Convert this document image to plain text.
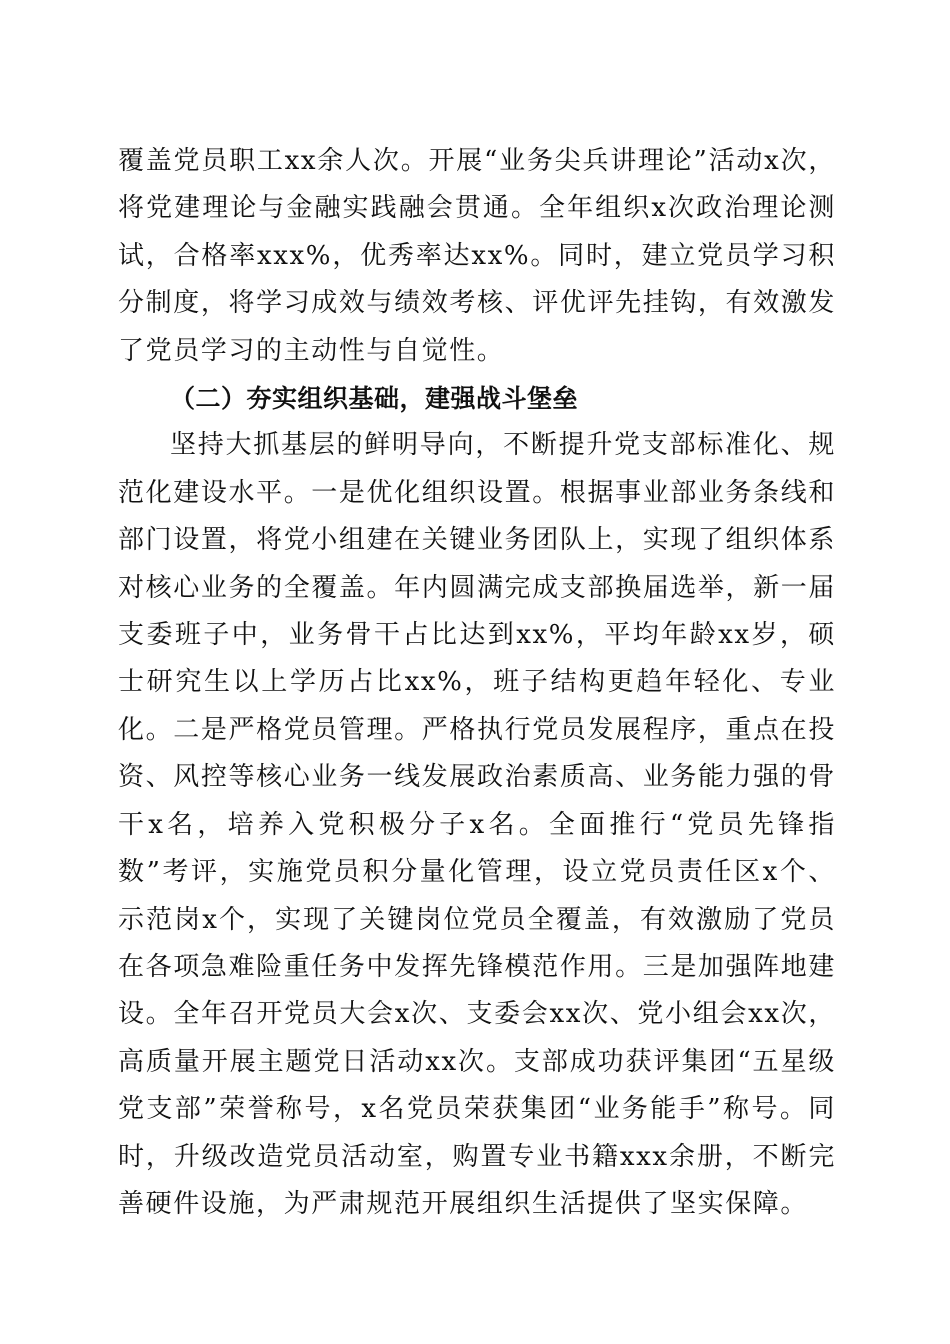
覆盖党员职工xx余人次。开展“业务尖兵讲理论”活动x次，将党建理论与金融实践融会贯通。全年组织x次政治理论测试，合格率xxx%，优秀率达xx%。同时，建立党员学习积分制度，将学习成效与绩效考核、评优评先挂钩，有效激发了党员学习的主动性与自觉性。

（二）夯实组织基础，建强战斗堡垒

坚持大抓基层的鲜明导向，不断提升党支部标准化、规范化建设水平。一是优化组织设置。根据事业部业务条线和部门设置，将党小组建在关键业务团队上，实现了组织体系对核心业务的全覆盖。年内圆满完成支部换届选举，新一届支委班子中，业务骨干占比达到xx%，平均年龄xx岁，硕士研究生以上学历占比xx%，班子结构更趋年轻化、专业化。二是严格党员管理。严格执行党员发展程序，重点在投资、风控等核心业务一线发展政治素质高、业务能力强的骨干x名，培养入党积极分子x名。全面推行“党员先锋指数”考评，实施党员积分量化管理，设立党员责任区x个、示范岗x个，实现了关键岗位党员全覆盖，有效激励了党员在各项急难险重任务中发挥先锋模范作用。三是加强阵地建设。全年召开党员大会x次、支委会xx次、党小组会xx次，高质量开展主题党日活动xx次。支部成功获评集团“五星级党支部”荣誉称号，x名党员荣获集团“业务能手”称号。同时，升级改造党员活动室，购置专业书籍xxx余册，不断完善硬件设施，为严肃规范开展组织生活提供了坚实保障。
